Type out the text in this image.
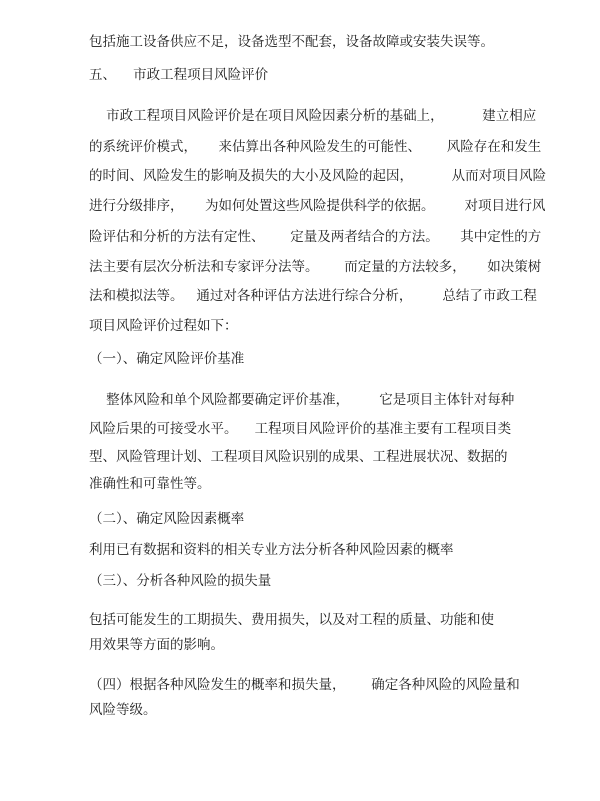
包括施工设备供应不足，设备选型不配套，设备故障或安装失误等。
五、    市政工程项目风险评价
市政工程项目风险评价是在项目风险因素分析的基础上，         建立相应
的系统评价模式，     来估算出各种风险发生的可能性、      风险存在和发生
的时间、风险发生的影响及损失的大小及风险的起因，         从而对项目风险
进行分级排序，     为如何处置这些风险提供科学的依据。       对项目进行风
险评估和分析的方法有定性、      定量及两者结合的方法。     其中定性的方
法主要有层次分析法和专家评分法等。      而定量的方法较多，     如决策树
法和模拟法等。   通过对各种评估方法进行综合分析，       总结了市政工程
项目风险评价过程如下：
（一）、确定风险评价基准
整体风险和单个风险都要确定评价基准，       它是项目主体针对每种
风险后果的可接受水平。    工程项目风险评价的基准主要有工程项目类
型、风险管理计划、工程项目风险识别的成果、工程进展状况、数据的
准确性和可靠性等。
（二）、确定风险因素概率
利用已有数据和资料的相关专业方法分析各种风险因素的概率
（三）、分析各种风险的损失量
包括可能发生的工期损失、费用损失，以及对工程的质量、功能和使
用效果等方面的影响。
（四）根据各种风险发生的概率和损失量，      确定各种风险的风险量和
风险等级。
